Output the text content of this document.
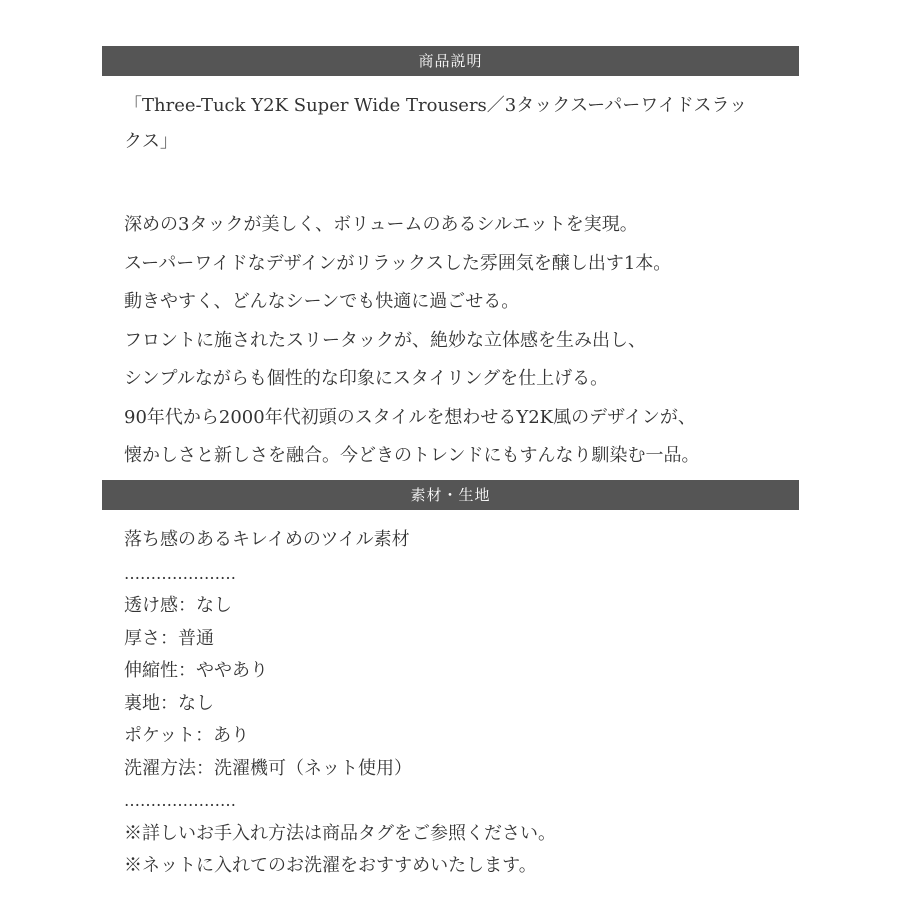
商品説明

「Three-Tuck Y2K Super Wide Trousers／3タックスーパーワイドスラックス」

深めの3タックが美しく、ボリュームのあるシルエットを実現。
スーパーワイドなデザインがリラックスした雰囲気を醸し出す1本。
動きやすく、どんなシーンでも快適に過ごせる。
フロントに施されたスリータックが、絶妙な立体感を生み出し、
シンプルながらも個性的な印象にスタイリングを仕上げる。
90年代から2000年代初頭のスタイルを想わせるY2K風のデザインが、
懐かしさと新しさを融合。今どきのトレンドにもすんなり馴染む一品。
素材・生地
落ち感のあるキレイめのツイル素材
…………………
透け感：なし
厚さ：普通
伸縮性：ややあり
裏地：なし
ポケット：あり
洗濯方法：洗濯機可（ネット使用）
…………………
※詳しいお手入れ方法は商品タグをご参照ください。
※ネットに入れてのお洗濯をおすすめいたします。
